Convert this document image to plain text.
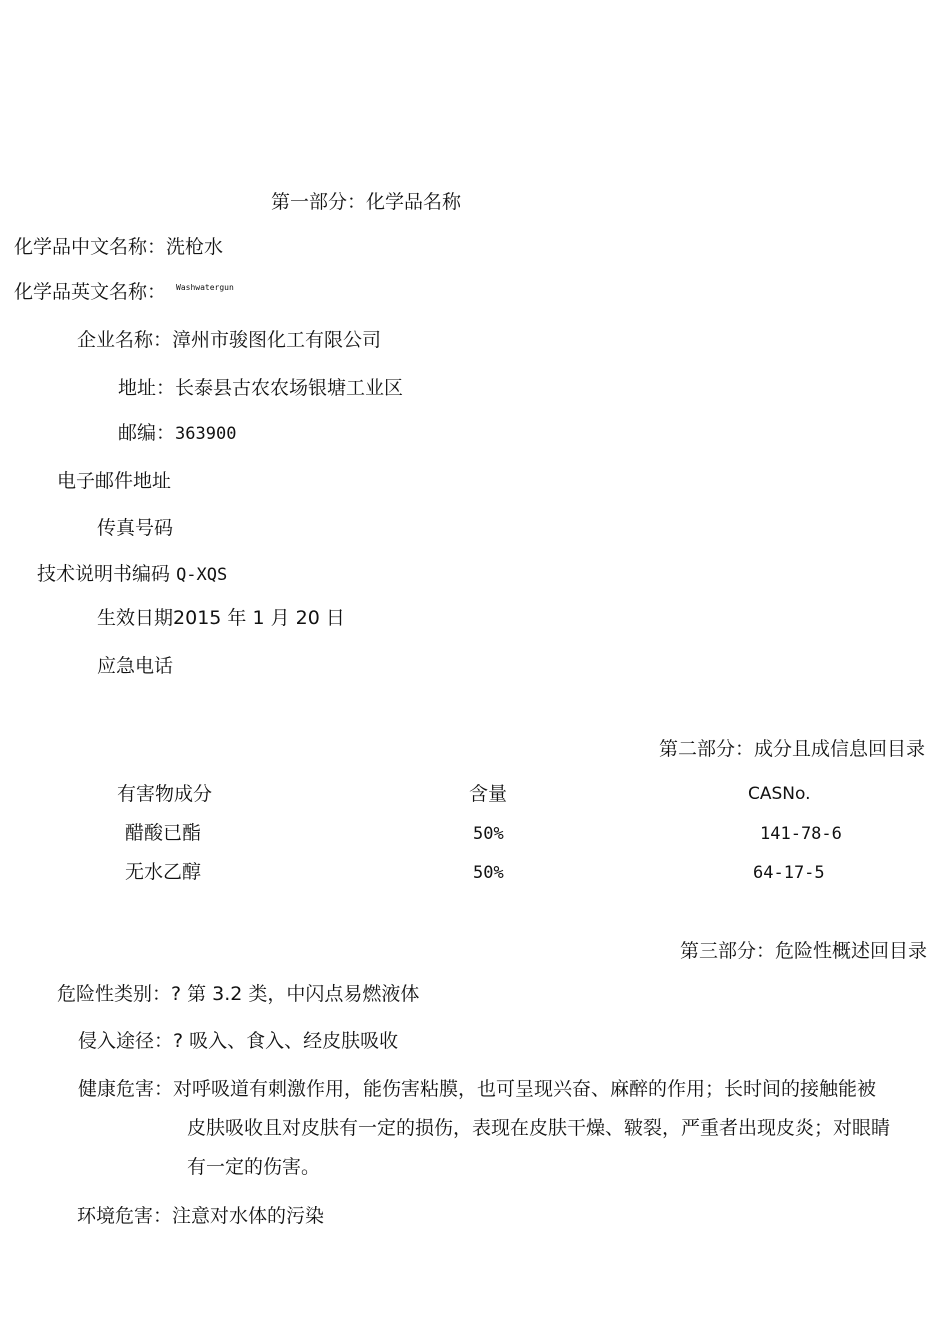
第一部分：化学品名称
化学品中文名称：洗枪水
化学品英文名称： Washwatergun
企业名称：漳州市骏图化工有限公司
地址：长泰县古农农场银塘工业区
邮编：363900
电子邮件地址
传真号码
技术说明书编码 Q-XQS
生效日期2015 年 1 月 20 日
应急电话
第二部分：成分且成信息回目录
有害物成分	含量	CASNo.
醋酸已酯	50%	141-78-6
无水乙醇	50%	64-17-5
第三部分：危险性概述回目录
危险性类别：? 第 3.2 类，中闪点易燃液体
侵入途径：? 吸入、食入、经皮肤吸收
健康危害：对呼吸道有刺激作用，能伤害粘膜，也可呈现兴奋、麻醉的作用；长时间的接触能被
皮肤吸收且对皮肤有一定的损伤，表现在皮肤干燥、皲裂，严重者出现皮炎；对眼睛
有一定的伤害。
环境危害：注意对水体的污染
